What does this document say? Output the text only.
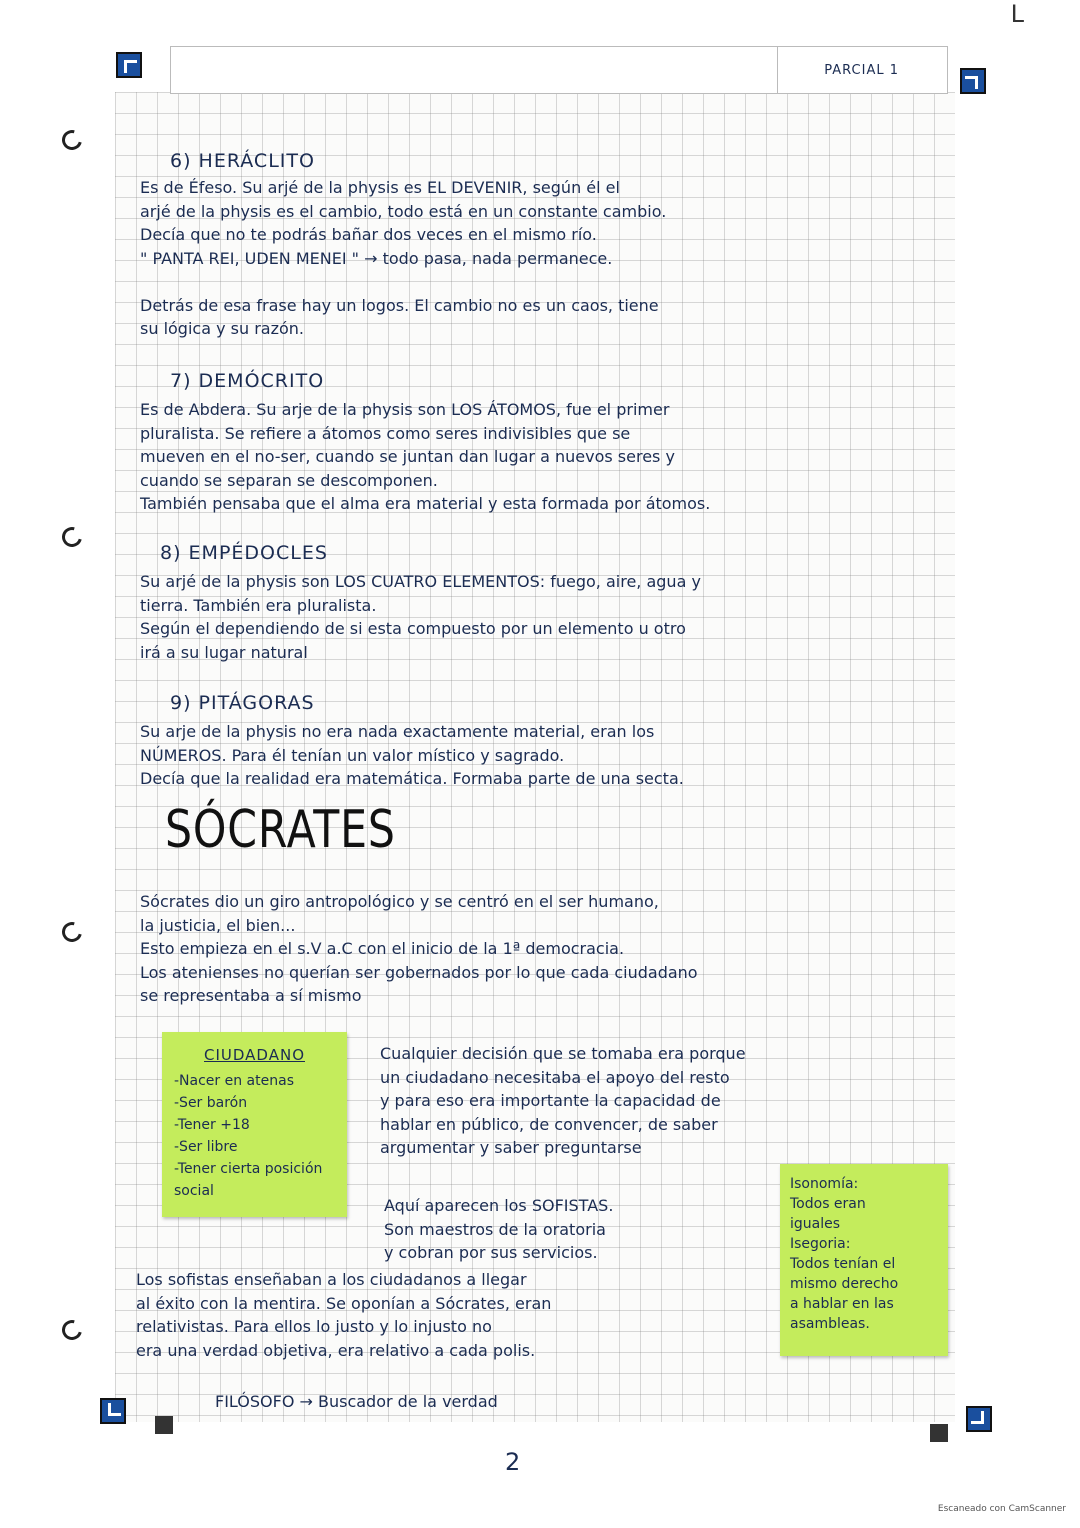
PARCIAL 1
L
6) HERÁCLITO
Es de Éfeso. Su arjé de la physis es EL DEVENIR, según él el
arjé de la physis es el cambio, todo está en un constante cambio.
Decía que no te podrás bañar dos veces en el mismo río.
" PANTA REI, UDEN MENEI " → todo pasa, nada permanece.

Detrás de esa frase hay un logos. El cambio no es un caos, tiene
su lógica y su razón.
7) DEMÓCRITO
Es de Abdera. Su arje de la physis son LOS ÁTOMOS, fue el primer
pluralista. Se refiere a átomos como seres indivisibles que se
mueven en el no-ser, cuando se juntan dan lugar a nuevos seres y
cuando se separan se descomponen.
También pensaba que el alma era material y esta formada por átomos.
8) EMPÉDOCLES
Su arjé de la physis son LOS CUATRO ELEMENTOS: fuego, aire, agua y
tierra. También era pluralista.
Según el dependiendo de si esta compuesto por un elemento u otro
irá a su lugar natural
9) PITÁGORAS
Su arje de la physis no era nada exactamente material, eran los
NÚMEROS. Para él tenían un valor místico y sagrado.
Decía que la realidad era matemática. Formaba parte de una secta.
SÓCRATES
Sócrates dio un giro antropológico y se centró en el ser humano,
la justicia, el bien...
Esto empieza en el s.V a.C con el inicio de la 1ª democracia.
Los atenienses no querían ser gobernados por lo que cada ciudadano
se representaba a sí mismo
CIUDADANO
-Nacer en atenas
-Ser barón
-Tener +18
-Ser libre
-Tener cierta posición social
Cualquier decisión que se tomaba era porque
un ciudadano necesitaba el apoyo del resto
y para eso era importante la capacidad de
hablar en público, de convencer, de saber
argumentar y saber preguntarse
Aquí aparecen los SOFISTAS.
Son maestros de la oratoria
y cobran por sus servicios.
Isonomía:
Todos eran
iguales
Isegoria:
Todos tenían el
mismo derecho
a hablar en las
asambleas.
Los sofistas enseñaban a los ciudadanos a llegar
al éxito con la mentira. Se oponían a Sócrates, eran
relativistas. Para ellos lo justo y lo injusto no
era una verdad objetiva, era relativo a cada polis.
FILÓSOFO → Buscador de la verdad
2
Escaneado con CamScanner
